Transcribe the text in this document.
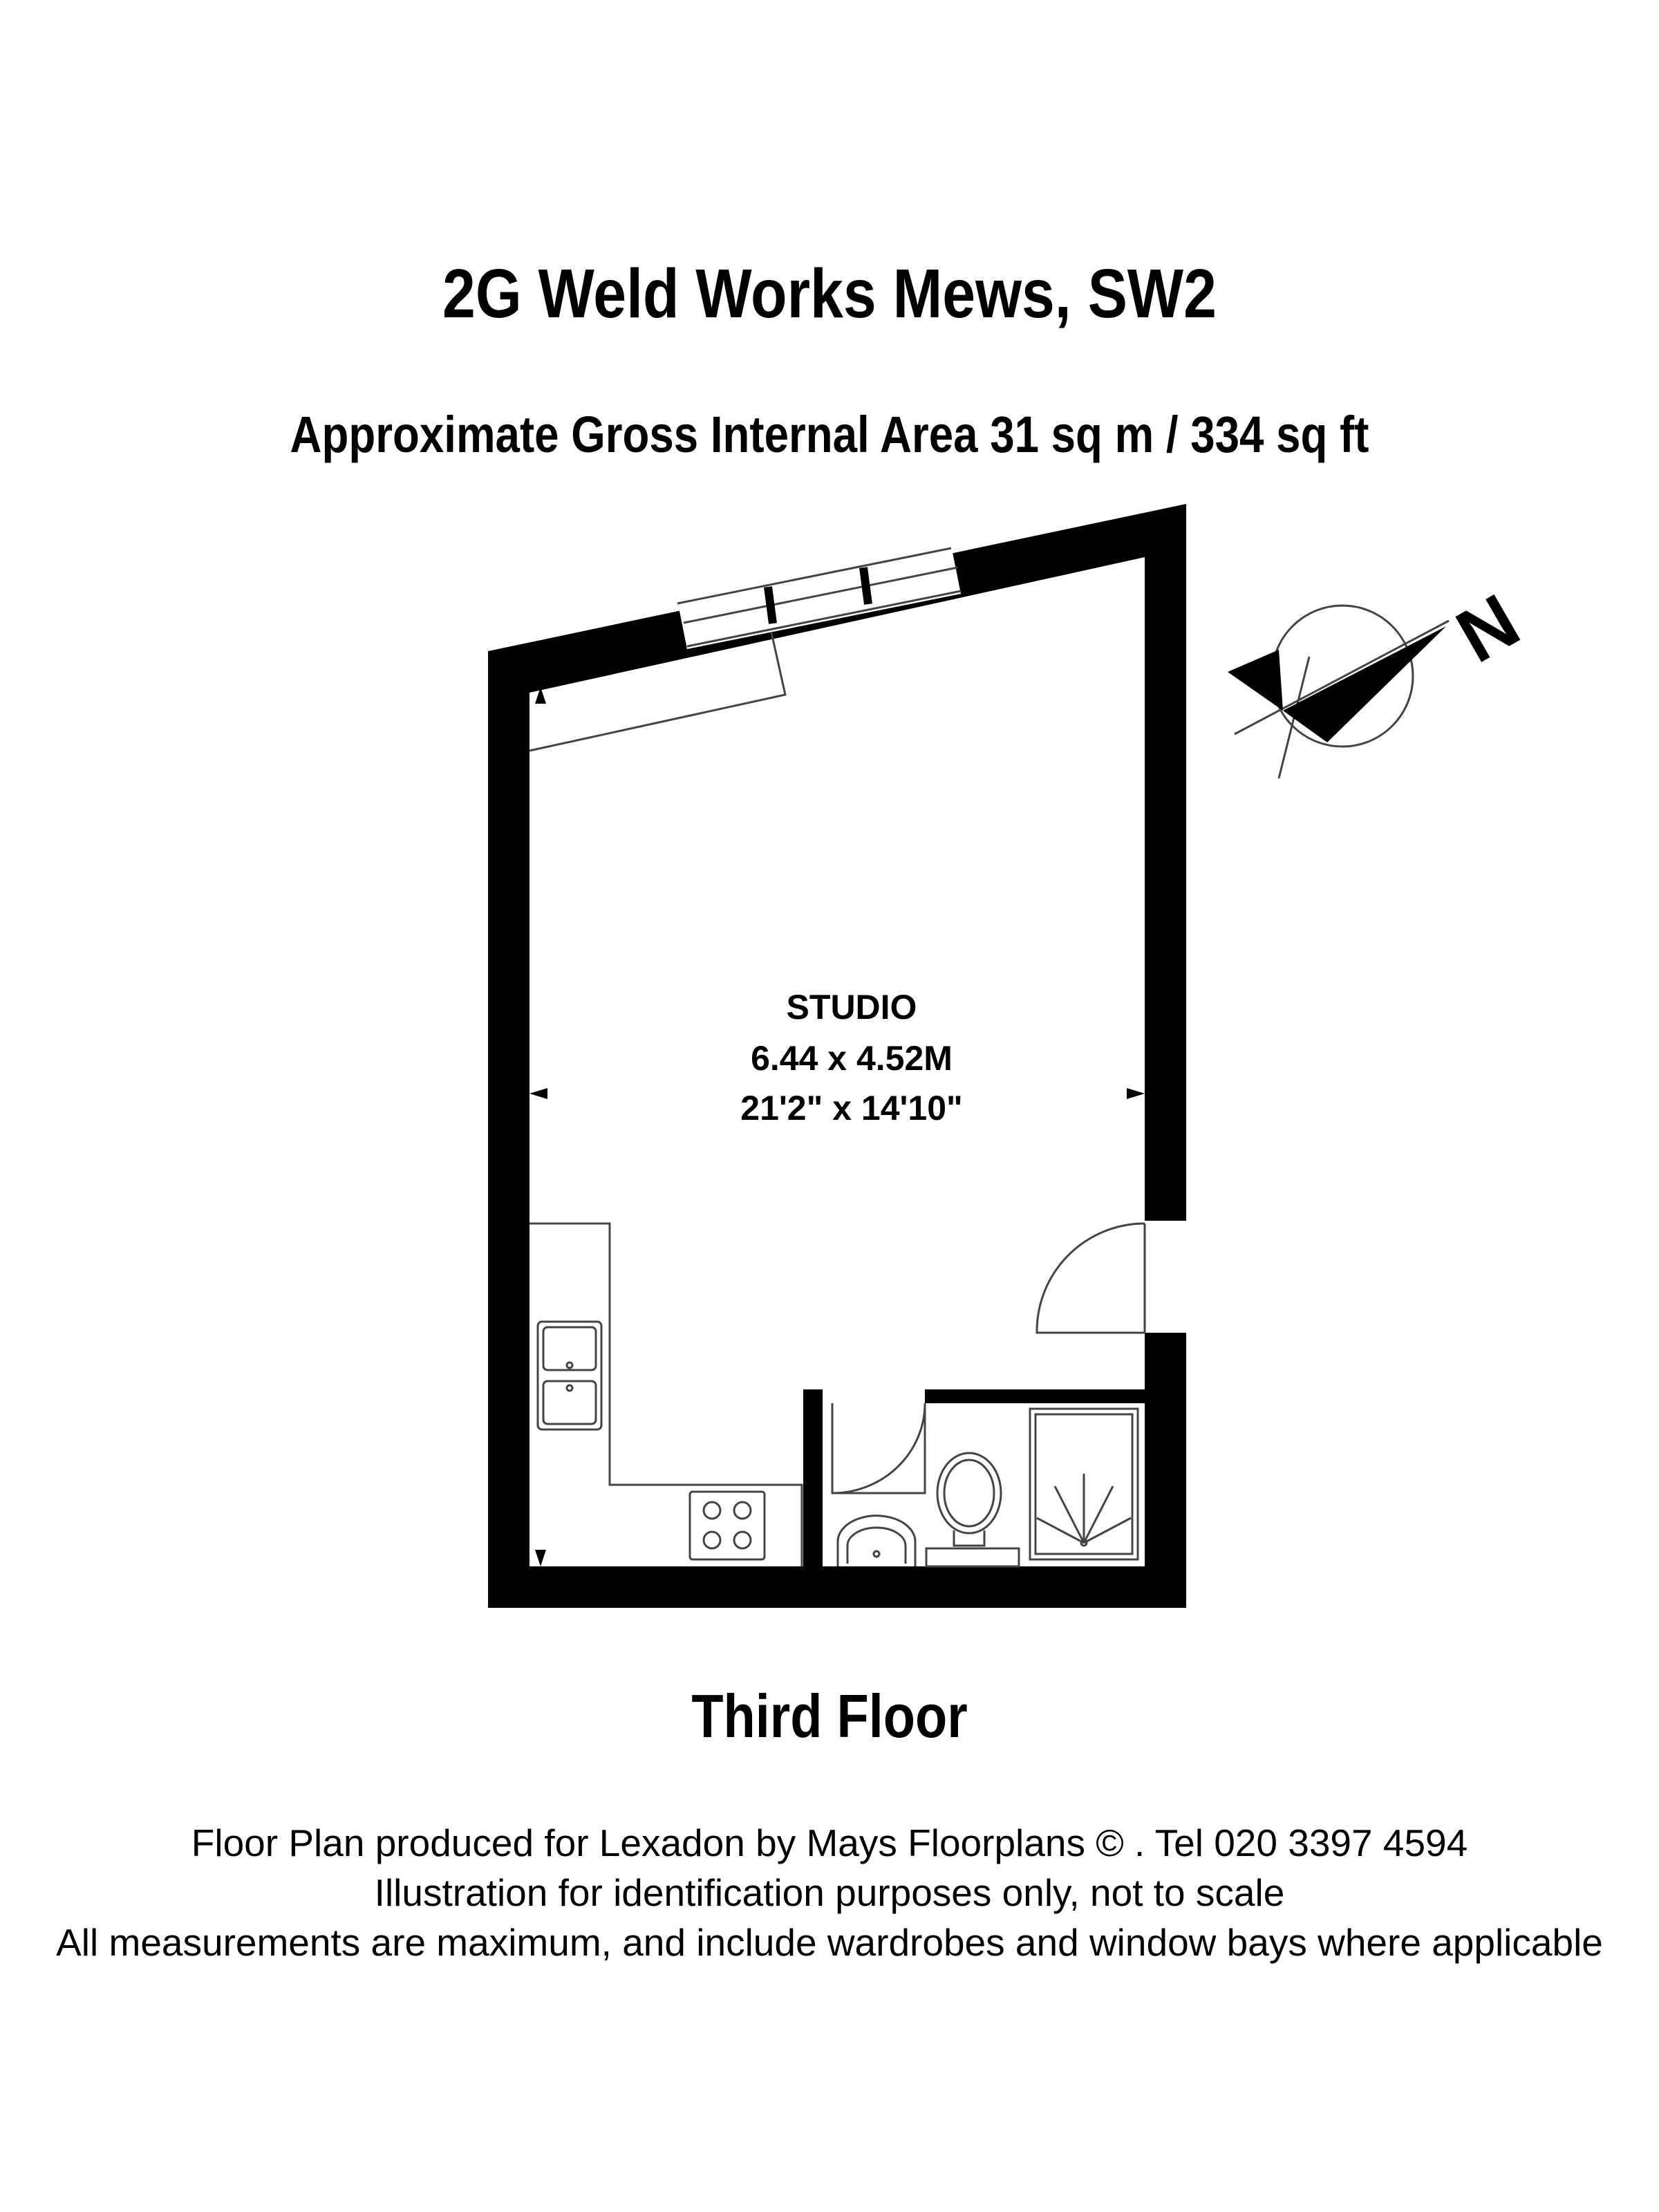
2G Weld Works Mews, SW2
Approximate Gross Internal Area 31 sq m / 334 sq ft
STUDIO
6.44 x 4.52M
21'2" x 14'10"
N
Third Floor
Floor Plan produced for Lexadon by Mays Floorplans © . Tel 020 3397 4594
Illustration for identification purposes only, not to scale
All measurements are maximum, and include wardrobes and window bays where applicable
